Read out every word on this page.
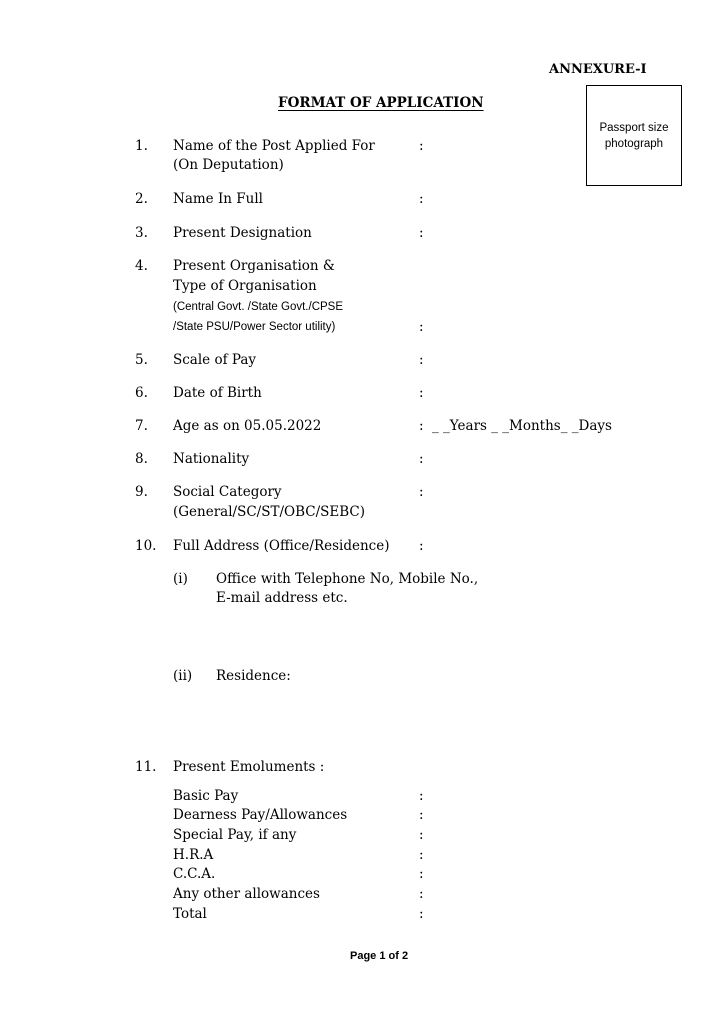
ANNEXURE-I
FORMAT OF APPLICATION
Passport size
photograph
1. Name of the Post Applied For
(On Deputation)
:
2. Name In Full	:
3. Present Designation	:
4. Present Organisation &
Type of Organisation
(Central Govt. /State Govt./CPSE
/State PSU/Power Sector utility)	:
5. Scale of Pay	:
6. Date of Birth	:
7. Age as on 05.05.2022	: _ _Years _ _Months_ _Days
8. Nationality	:
9. Social Category
(General/SC/ST/OBC/SEBC)
:
10. Full Address (Office/Residence) :
(i) Office with Telephone No, Mobile No.,
E-mail address etc.
(ii) Residence:
11. Present Emoluments :
Basic Pay	:
Dearness Pay/Allowances	:
Special Pay, if any	:
H.R.A	:
C.C.A.	:
Any other allowances	:
Total	:
Page 1 of 2
